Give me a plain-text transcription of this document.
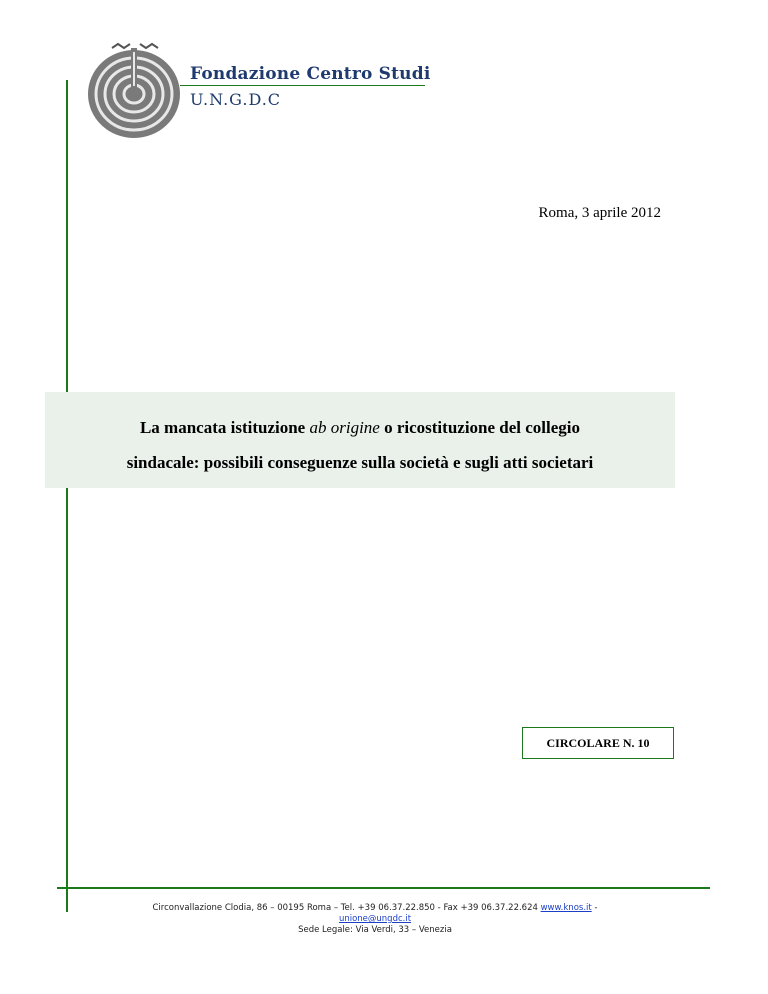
Fondazione Centro Studi
U.N.G.D.C
Roma, 3 aprile 2012
La mancata istituzione ab origine o ricostituzione del collegio
sindacale: possibili conseguenze sulla società e sugli atti societari
CIRCOLARE N. 10
Circonvallazione Clodia, 86 – 00195 Roma – Tel. +39 06.37.22.850 - Fax +39 06.37.22.624 www.knos.it -
unione@ungdc.it
Sede Legale: Via Verdi, 33 – Venezia
